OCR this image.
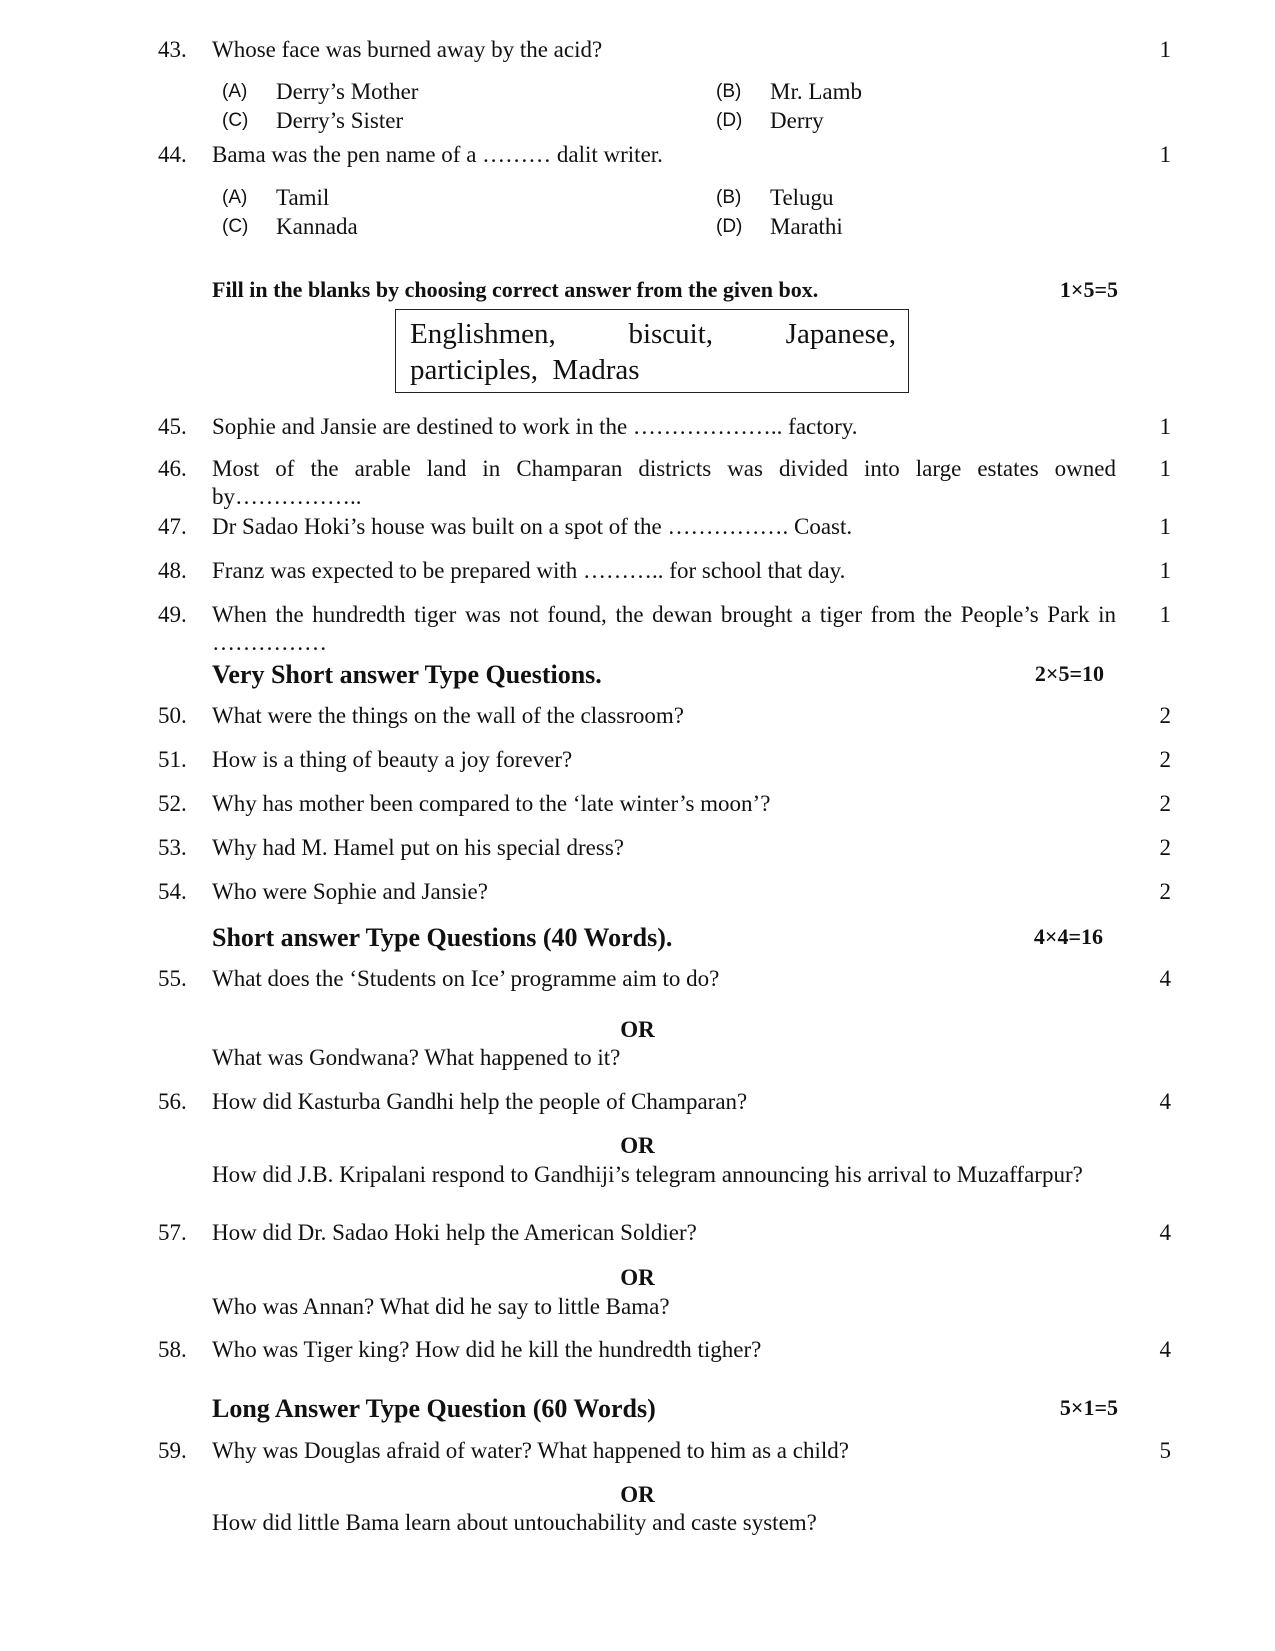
43. Whose face was burned away by the acid?	1
(A) Derry’s Mother	(B) Mr. Lamb
(C) Derry’s Sister	(D) Derry
44. Bama was the pen name of a ……… dalit writer.	1
(A) Tamil	(B) Telugu
(C) Kannada	(D) Marathi
Fill in the blanks by choosing correct answer from the given box.	1×5=5
Englishmen,	biscuit,	Japanese,
participles, Madras
45. Sophie and Jansie are destined to work in the ……………….. factory.	1
46. Most of the arable land in Champaran districts was divided into large estates owned by……………..
1
47. Dr Sadao Hoki’s house was built on a spot of the ……………. Coast.	1
48. Franz was expected to be prepared with ……….. for school that day.	1
49. When the hundredth tiger was not found, the dewan brought a tiger from the People’s Park in ……………
1
Very Short answer Type Questions.	2×5=10
50. What were the things on the wall of the classroom?	2
51. How is a thing of beauty a joy forever?	2
52. Why has mother been compared to the ‘late winter’s moon’?	2
53. Why had M. Hamel put on his special dress?	2
54. Who were Sophie and Jansie?	2
Short answer Type Questions (40 Words).	4×4=16
55. What does the ‘Students on Ice’ programme aim to do?	4
OR
What was Gondwana? What happened to it?
56. How did Kasturba Gandhi help the people of Champaran?	4
OR
How did J.B. Kripalani respond to Gandhiji’s telegram announcing his arrival to Muzaffarpur?
57. How did Dr. Sadao Hoki help the American Soldier?	4
OR
Who was Annan? What did he say to little Bama?
58. Who was Tiger king? How did he kill the hundredth tigher?	4
Long Answer Type Question (60 Words)	5×1=5
59. Why was Douglas afraid of water? What happened to him as a child?	5
OR
How did little Bama learn about untouchability and caste system?
